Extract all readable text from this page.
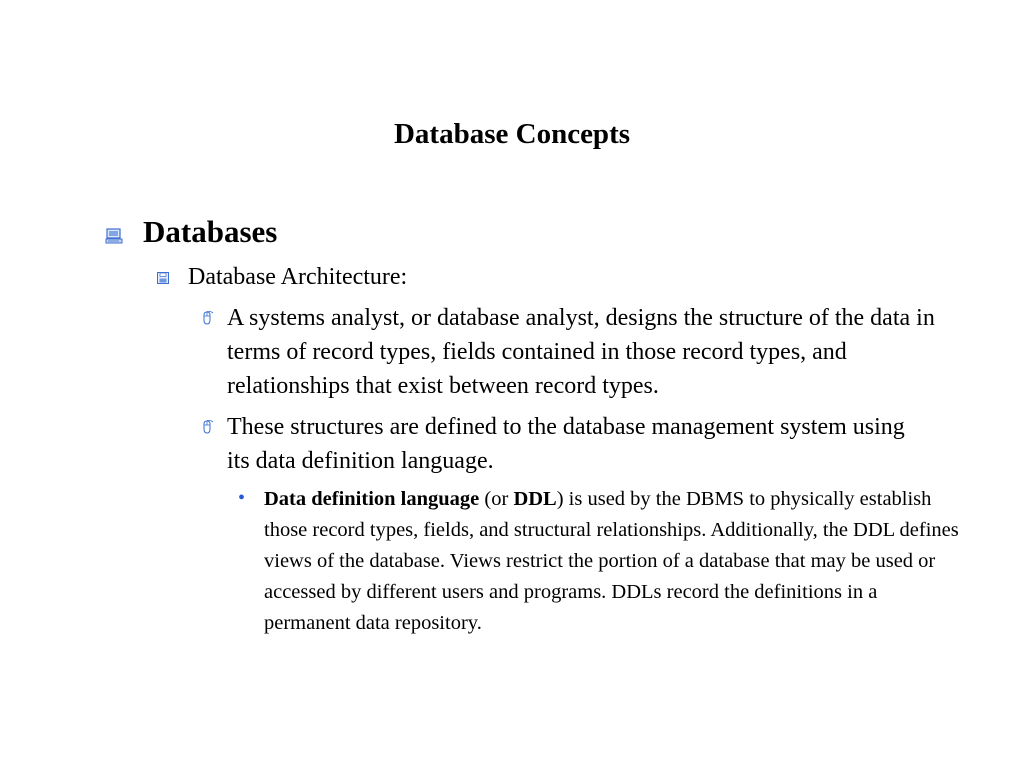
Database Concepts
Databases
Database Architecture:
A systems analyst, or database analyst, designs the structure of the data in terms of record types, fields contained in those record types, and relationships that exist between record types.
These structures are defined to the database management system using its data definition language.
• Data definition language (or DDL) is used by the DBMS to physically establish those record types, fields, and structural relationships. Additionally, the DDL defines views of the database. Views restrict the portion of a database that may be used or accessed by different users and programs. DDLs record the definitions in a permanent data repository.
